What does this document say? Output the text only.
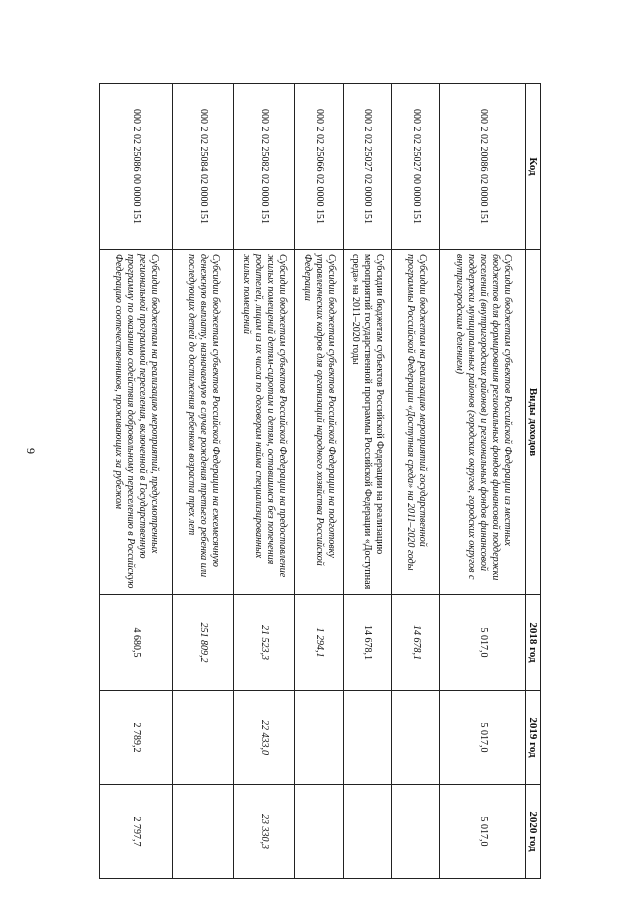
9
Код	Виды доходов	2018 год	2019 год	2020 год
000 2 02 20086 02 0000 151	Субсидии бюджетам субъектов Российской Федерации из местных бюджетов для формирования региональных фондов финансовой поддержки поселений (внутригородских районов) и региональных фондов финансовой поддержки муниципальных районов (городских округов, городских округов с внутригородским делением)	5 017,0	5 017,0	5 017,0
000 2 02 25027 00 0000 151	Субсидии бюджетам на реализацию мероприятий государственной программы Российской Федерации «Доступная среда» на 2011–2020 годы	14 678,1		
000 2 02 25027 02 0000 151	Субсидии бюджетам субъектов Российской Федерации на реализацию мероприятий государственной программы Российской Федерации «Доступная среда» на 2011–2020 годы	14 678,1		
000 2 02 25066 02 0000 151	Субсидии бюджетам субъектов Российской Федерации на подготовку управленческих кадров для организаций народного хозяйства Российской Федерации	1 294,1		
000 2 02 25082 02 0000 151	Субсидии бюджетам субъектов Российской Федерации на предоставление жилых помещений детям-сиротам и детям, оставшимся без попечения родителей, лицам из их числа по договорам найма специализированных жилых помещений	21 523,3	22 433,0	23 330,3
000 2 02 25084 02 0000 151	Субсидии бюджетам субъектов Российской Федерации на ежемесячную денежную выплату, назначаемую в случае рождения третьего ребенка или последующих детей до достижения ребенком возраста трех лет	251 809,2		
000 2 02 25086 00 0000 151	Субсидии бюджетам на реализацию мероприятий, предусмотренных региональной программой переселения, включенной в Государственную программу по оказанию содействия добровольному переселению в Российскую Федерацию соотечественников, проживающих за рубежом	4 680,5	2 789,2	2 797,7
